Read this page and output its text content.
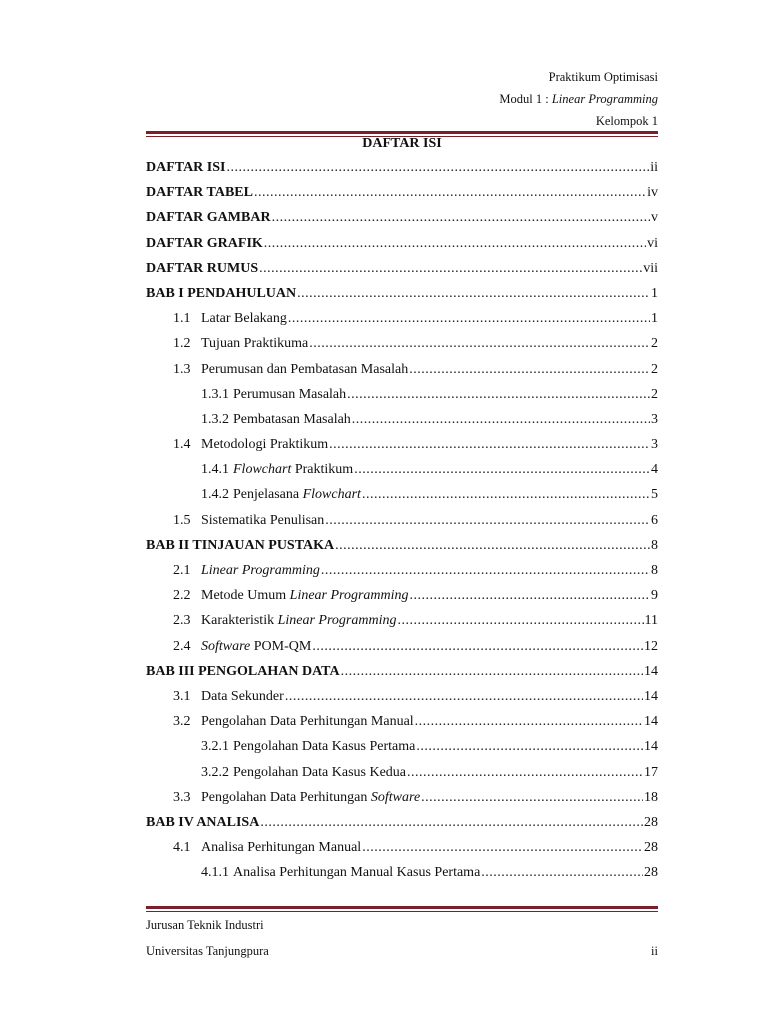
Praktikum Optimisasi
Modul 1 : Linear Programming
Kelompok 1
DAFTAR ISI
DAFTAR ISI .....	ii
DAFTAR TABEL .....	iv
DAFTAR GAMBAR .....	v
DAFTAR GRAFIK .....	vi
DAFTAR RUMUS .....	vii
BAB I PENDAHULUAN .....	1
1.1 Latar Belakang .....	1
1.2 Tujuan Praktikuma .....	2
1.3 Perumusan dan Pembatasan Masalah .....	2
1.3.1 Perumusan Masalah .....	2
1.3.2 Pembatasan Masalah .....	3
1.4 Metodologi Praktikum .....	3
1.4.1 Flowchart Praktikum .....	4
1.4.2 Penjelasana Flowchart .....	5
1.5 Sistematika Penulisan .....	6
BAB II TINJAUAN PUSTAKA .....	8
2.1 Linear Programming .....	8
2.2 Metode Umum Linear Programming .....	9
2.3 Karakteristik Linear Programming .....	11
2.4 Software POM-QM .....	12
BAB III PENGOLAHAN DATA .....	14
3.1 Data Sekunder .....	14
3.2 Pengolahan Data Perhitungan Manual .....	14
3.2.1 Pengolahan Data Kasus Pertama .....	14
3.2.2 Pengolahan Data Kasus Kedua .....	17
3.3 Pengolahan Data Perhitungan Software .....	18
BAB IV ANALISA .....	28
4.1 Analisa Perhitungan Manual .....	28
4.1.1 Analisa Perhitungan Manual Kasus Pertama .....	28
Jurusan Teknik Industri
Universitas Tanjungpura	ii
